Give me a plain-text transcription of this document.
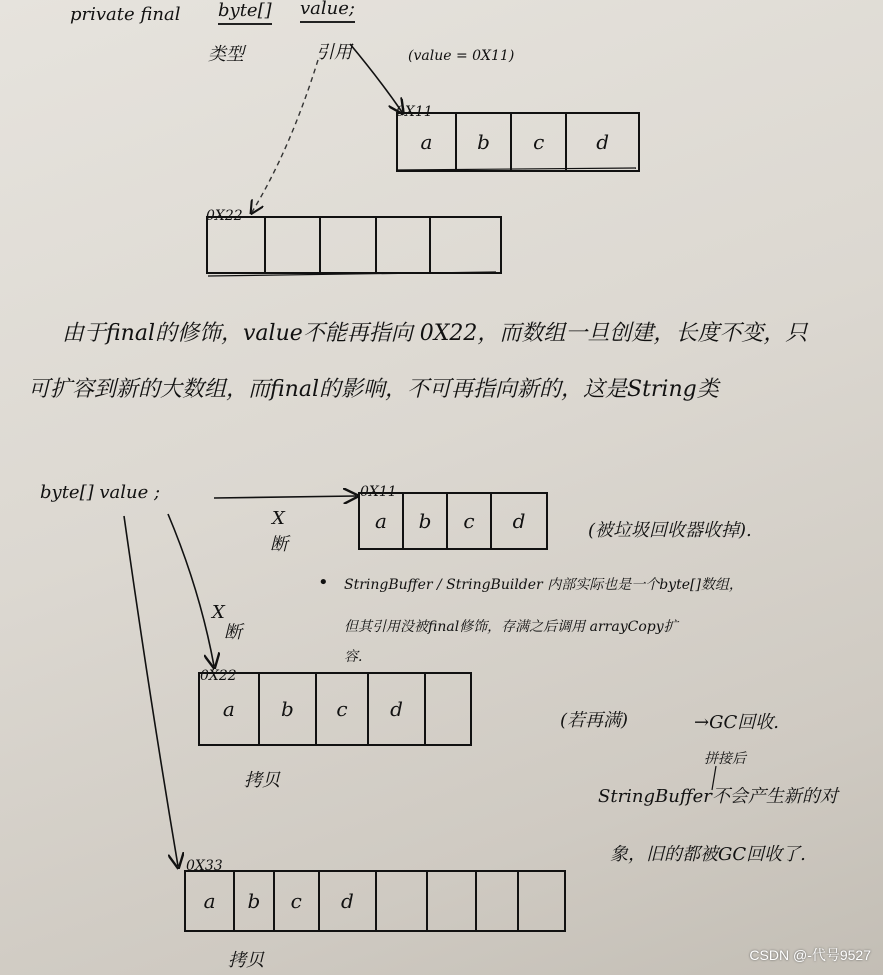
private final byte[] value;
类型	引用	(value = 0X11)
0X11
a	b	c	d
0X22
由于final的修饰，value不能再指向 0X22，而数组一旦创建，长度不变，只
可扩容到新的大数组，而final的影响，不可再指向新的，这是String类
byte[] value ;
X
断
0X11
a	b	c	d	(被垃圾回收器收掉).
• StringBuffer / StringBuilder 内部实际也是一个byte[]数组，
但其引用没被final修饰，存满之后调用 arrayCopy扩
容.
X
断
0X22
a	b	c	d	(若再满)	→GC回收.
拷贝
拼接后
StringBuffer不会产生新的对
象，旧的都被GC回收了.
0X33
a	b	c	d
拷贝	CSDN @-代号9527
